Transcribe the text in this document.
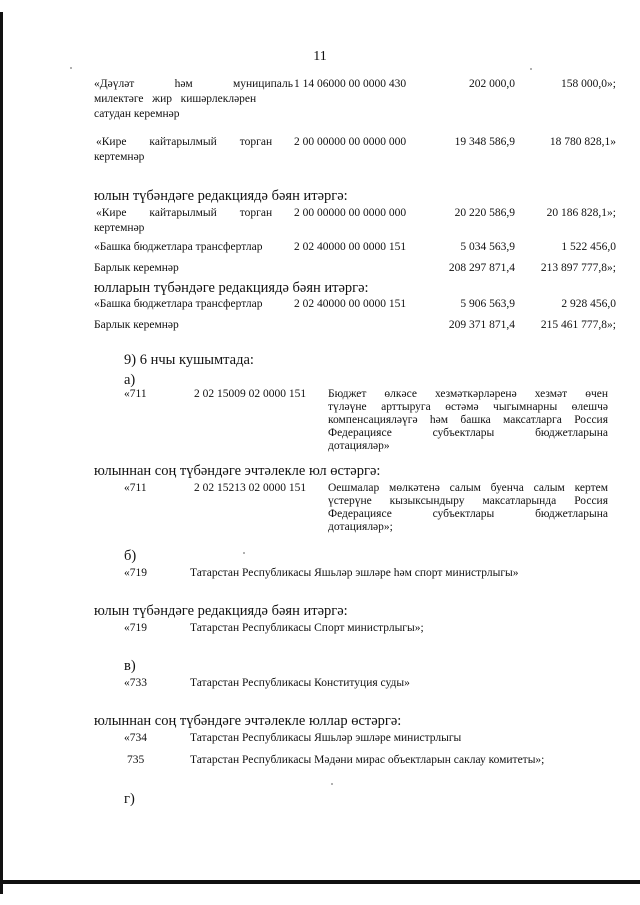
11
«Дәүләт              һәм              муниципаль
милектәге   жир   кишәрлекләрен
сатудан керемнәр
1 14 06000 00 0000 430	202 000,0	158 000,0»;
«Кире        кайтарылмый        торган
кертемнәр
2 00 00000 00 0000 000	19 348 586,9	18 780 828,1»
юлын түбәндәге редакциядә бәян итәргә:
«Кире        кайтарылмый        торган
кертемнәр
2 00 00000 00 0000 000	20 220 586,9	20 186 828,1»;
«Башка бюджетлара трансфертлар	2 02 40000 00 0000 151	5 034 563,9	1 522 456,0
Барлык керемнәр	208 297 871,4	213 897 777,8»;
юлларын түбәндәге редакциядә бәян итәргә:
«Башка бюджетлара трансфертлар	2 02 40000 00 0000 151	5 906 563,9	2 928 456,0
Барлык керемнәр	209 371 871,4	215 461 777,8»;
9) 6 нчы кушымтада:
а)
«711	2 02 15009 02 0000 151 Бюджет өлкәсе хезмәткәрләренә хезмәт өчен
түләүне арттыруга өстәмә чыгымнарны өлешчә
компенсацияләүгә һәм башка максатларга Россия
Федерациясе субъектлары бюджетларына
дотацияләр»
юлыннан соң түбәндәге эчтәлекле юл өстәргә:
«711	2 02 15213 02 0000 151 Оешмалар мөлкәтенә салым буенча салым кертем
үстерүне кызыксындыру максатларында Россия
Федерациясе субъектлары бюджетларына
дотацияләр»;
б)
«719	Татарстан Республикасы Яшьләр эшләре һәм спорт министрлыгы»
юлын түбәндәге редакциядә бәян итәргә:
«719	Татарстан Республикасы Спорт министрлыгы»;
в)
«733	Татарстан Республикасы Конституция суды»
юлыннан соң түбәндәге эчтәлекле юллар өстәргә:
«734	Татарстан Республикасы Яшьләр эшләре министрлыгы
735	Татарстан Республикасы Мәдәни мирас объектларын саклау комитеты»;
г)
